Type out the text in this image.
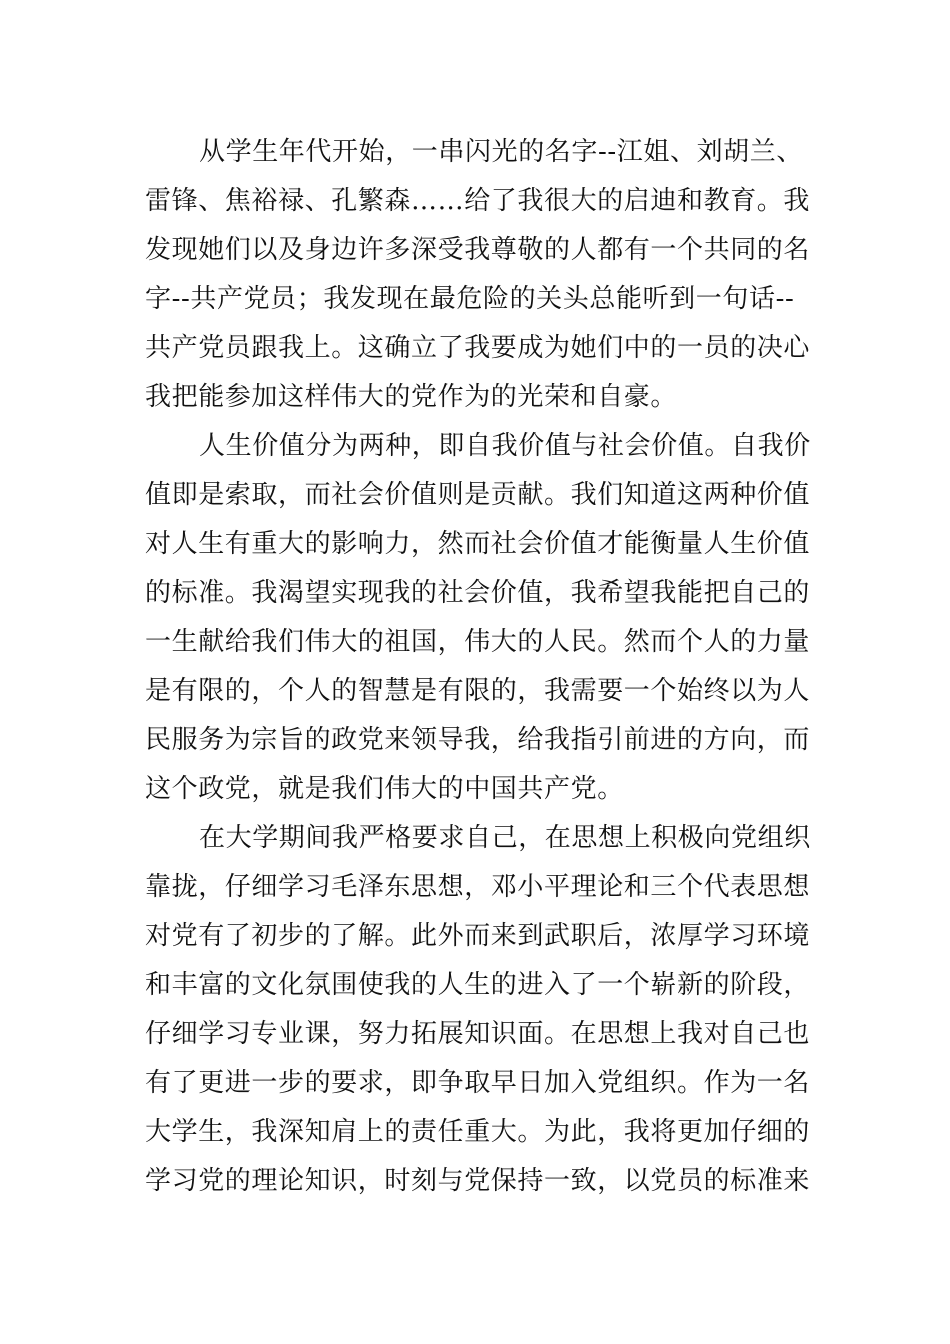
从学生年代开始，一串闪光的名字--江姐、刘胡兰、
雷锋、焦裕禄、孔繁森……给了我很大的启迪和教育。我
发现她们以及身边许多深受我尊敬的人都有一个共同的名
字--共产党员；我发现在最危险的关头总能听到一句话--
共产党员跟我上。这确立了我要成为她们中的一员的决心
我把能参加这样伟大的党作为的光荣和自豪。
人生价值分为两种，即自我价值与社会价值。自我价
值即是索取，而社会价值则是贡献。我们知道这两种价值
对人生有重大的影响力，然而社会价值才能衡量人生价值
的标准。我渴望实现我的社会价值，我希望我能把自己的
一生献给我们伟大的祖国，伟大的人民。然而个人的力量
是有限的，个人的智慧是有限的，我需要一个始终以为人
民服务为宗旨的政党来领导我，给我指引前进的方向，而
这个政党，就是我们伟大的中国共产党。
在大学期间我严格要求自己，在思想上积极向党组织
靠拢，仔细学习毛泽东思想，邓小平理论和三个代表思想
对党有了初步的了解。此外而来到武职后，浓厚学习环境
和丰富的文化氛围使我的人生的进入了一个崭新的阶段，
仔细学习专业课，努力拓展知识面。在思想上我对自己也
有了更进一步的要求，即争取早日加入党组织。作为一名
大学生，我深知肩上的责任重大。为此，我将更加仔细的
学习党的理论知识，时刻与党保持一致，以党员的标准来
